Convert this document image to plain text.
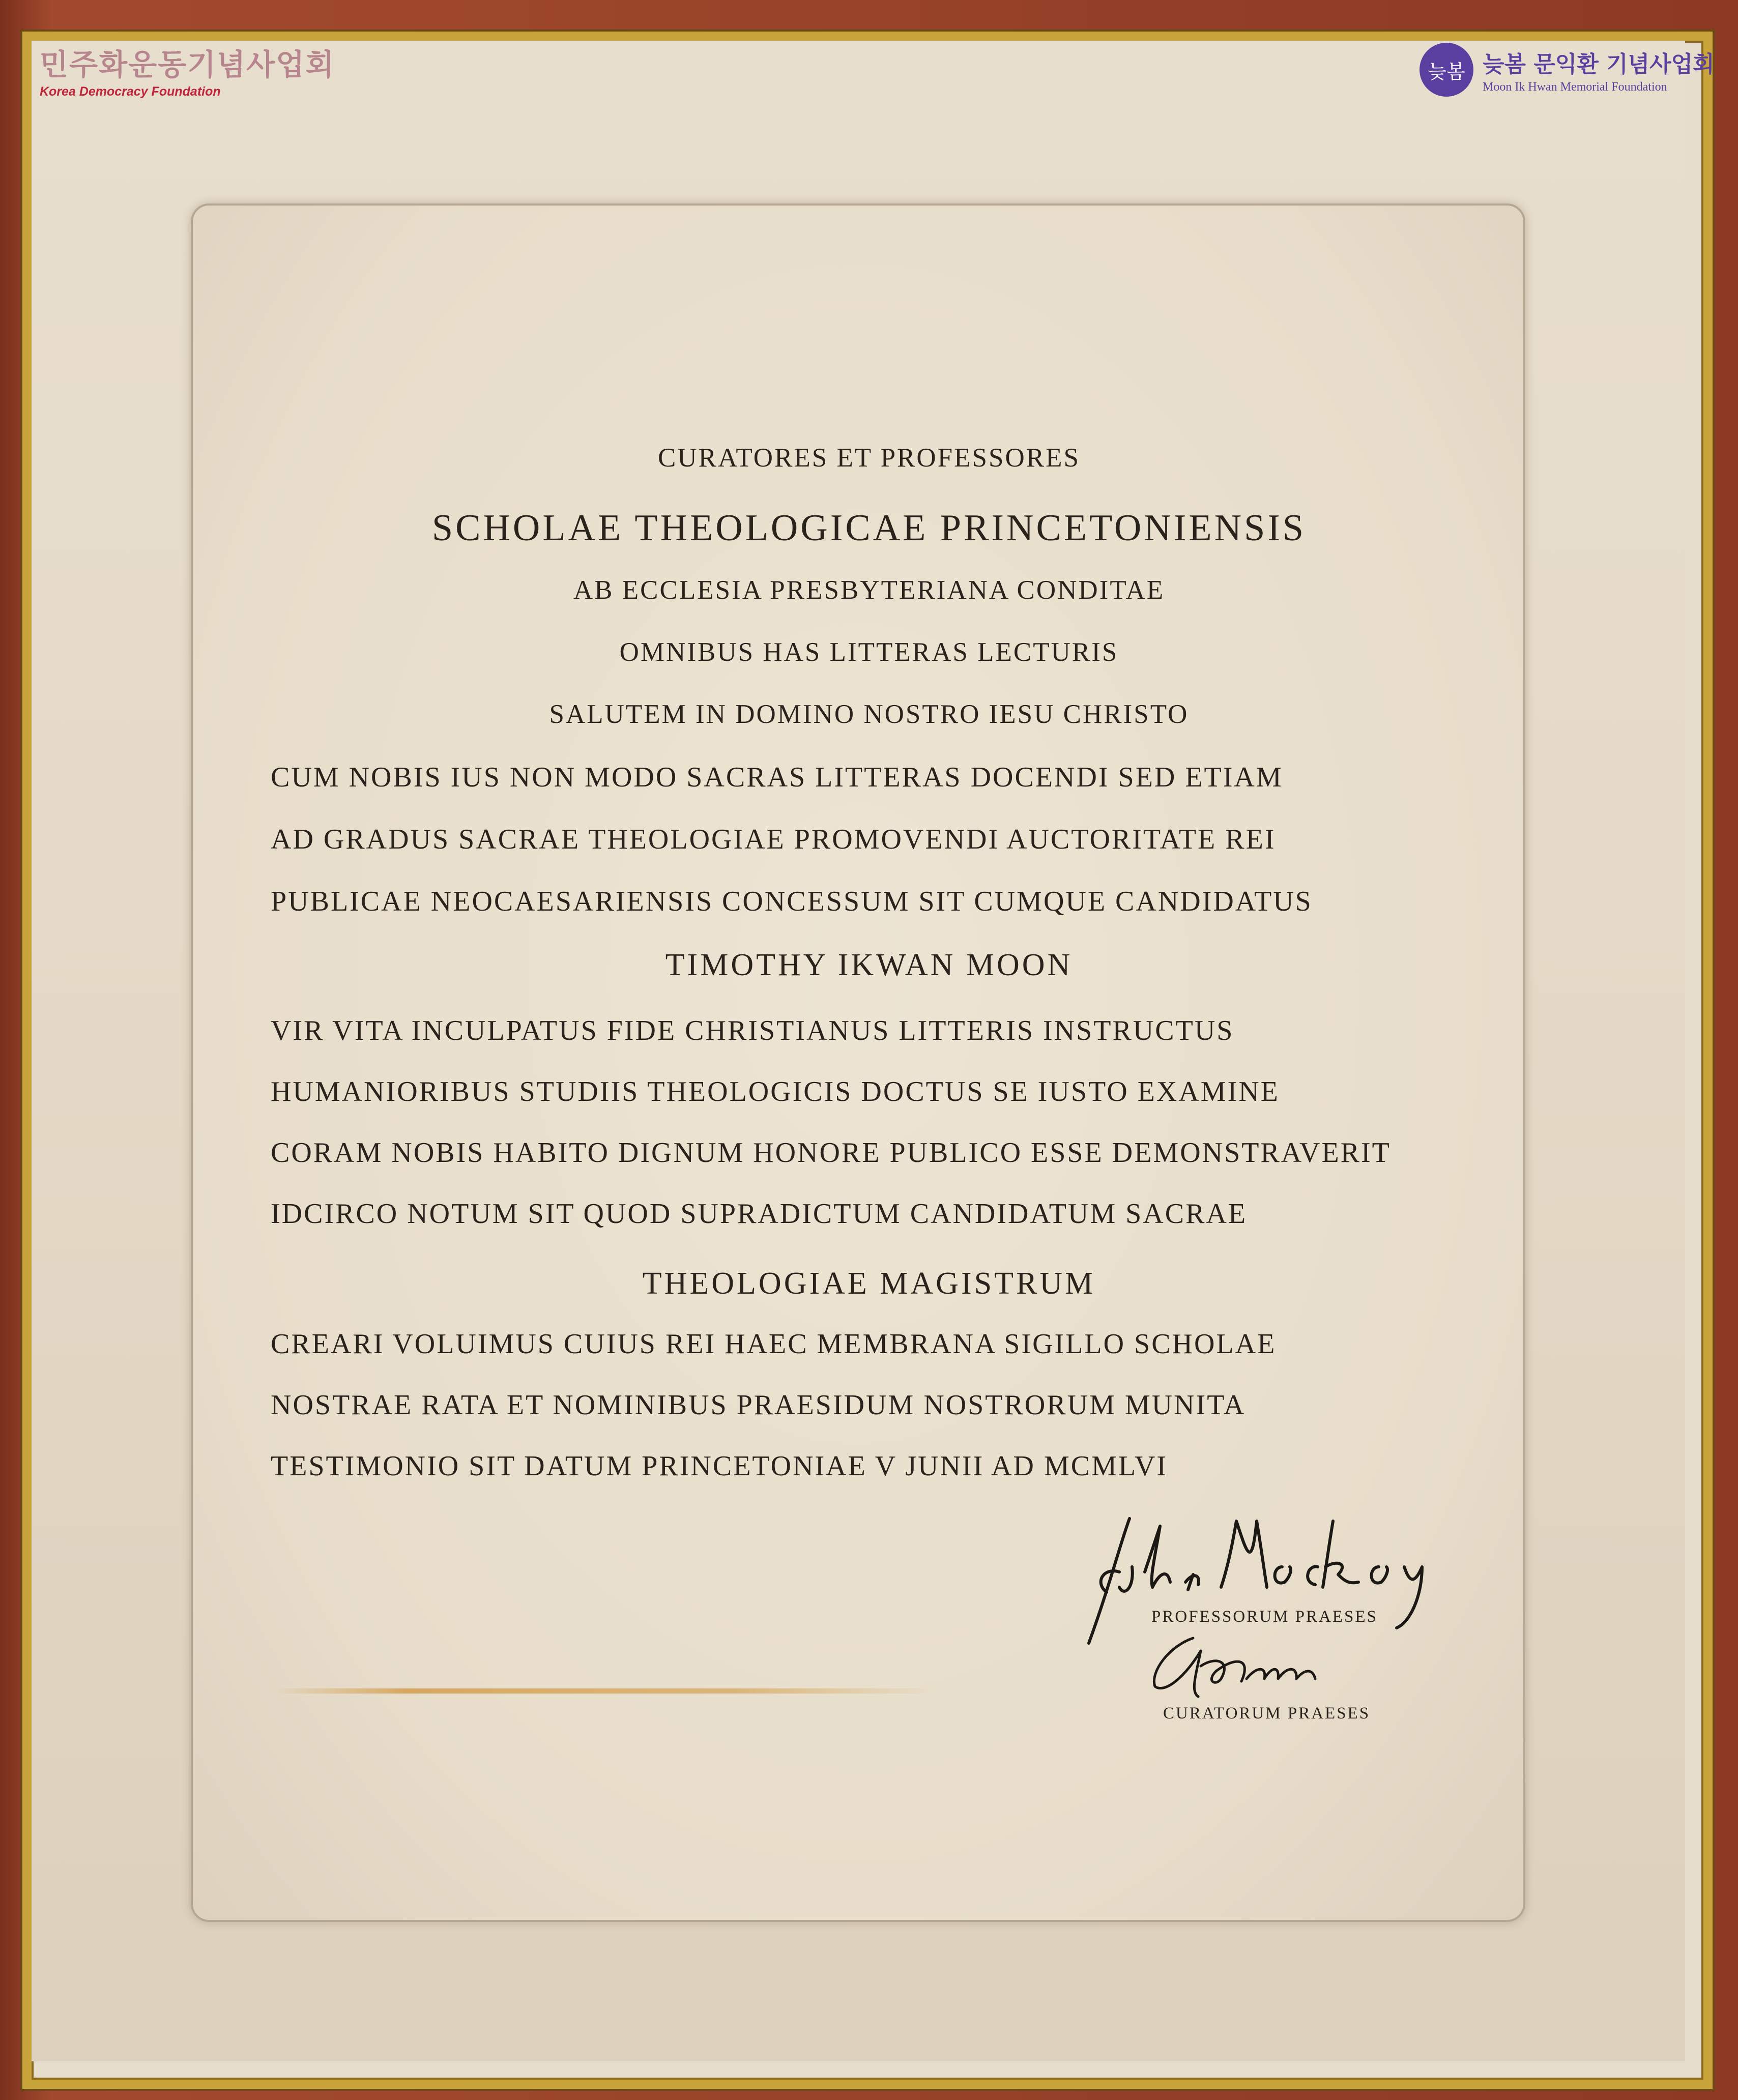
민주화운동기념사업회
Korea Democracy Foundation
늦봄 늦봄 문익환 기념사업회
Moon Ik Hwan Memorial Foundation
CURATORES ET PROFESSORES
SCHOLAE THEOLOGICAE PRINCETONIENSIS
AB ECCLESIA PRESBYTERIANA CONDITAE
OMNIBUS HAS LITTERAS LECTURIS
SALUTEM IN DOMINO NOSTRO IESU CHRISTO
CUM NOBIS IUS NON MODO SACRAS LITTERAS DOCENDI SED ETIAM
AD GRADUS SACRAE THEOLOGIAE PROMOVENDI AUCTORITATE REI
PUBLICAE NEOCAESARIENSIS CONCESSUM SIT CUMQUE CANDIDATUS
TIMOTHY IKWAN MOON
VIR VITA INCULPATUS FIDE CHRISTIANUS LITTERIS INSTRUCTUS
HUMANIORIBUS STUDIIS THEOLOGICIS DOCTUS SE IUSTO EXAMINE
CORAM NOBIS HABITO DIGNUM HONORE PUBLICO ESSE DEMONSTRAVERIT
IDCIRCO NOTUM SIT QUOD SUPRADICTUM CANDIDATUM SACRAE
THEOLOGIAE MAGISTRUM
CREARI VOLUIMUS CUIUS REI HAEC MEMBRANA SIGILLO SCHOLAE
NOSTRAE RATA ET NOMINIBUS PRAESIDUM NOSTRORUM MUNITA
TESTIMONIO SIT DATUM PRINCETONIAE V JUNII AD MCMLVI
PROFESSORUM PRAESES
CURATORUM PRAESES
